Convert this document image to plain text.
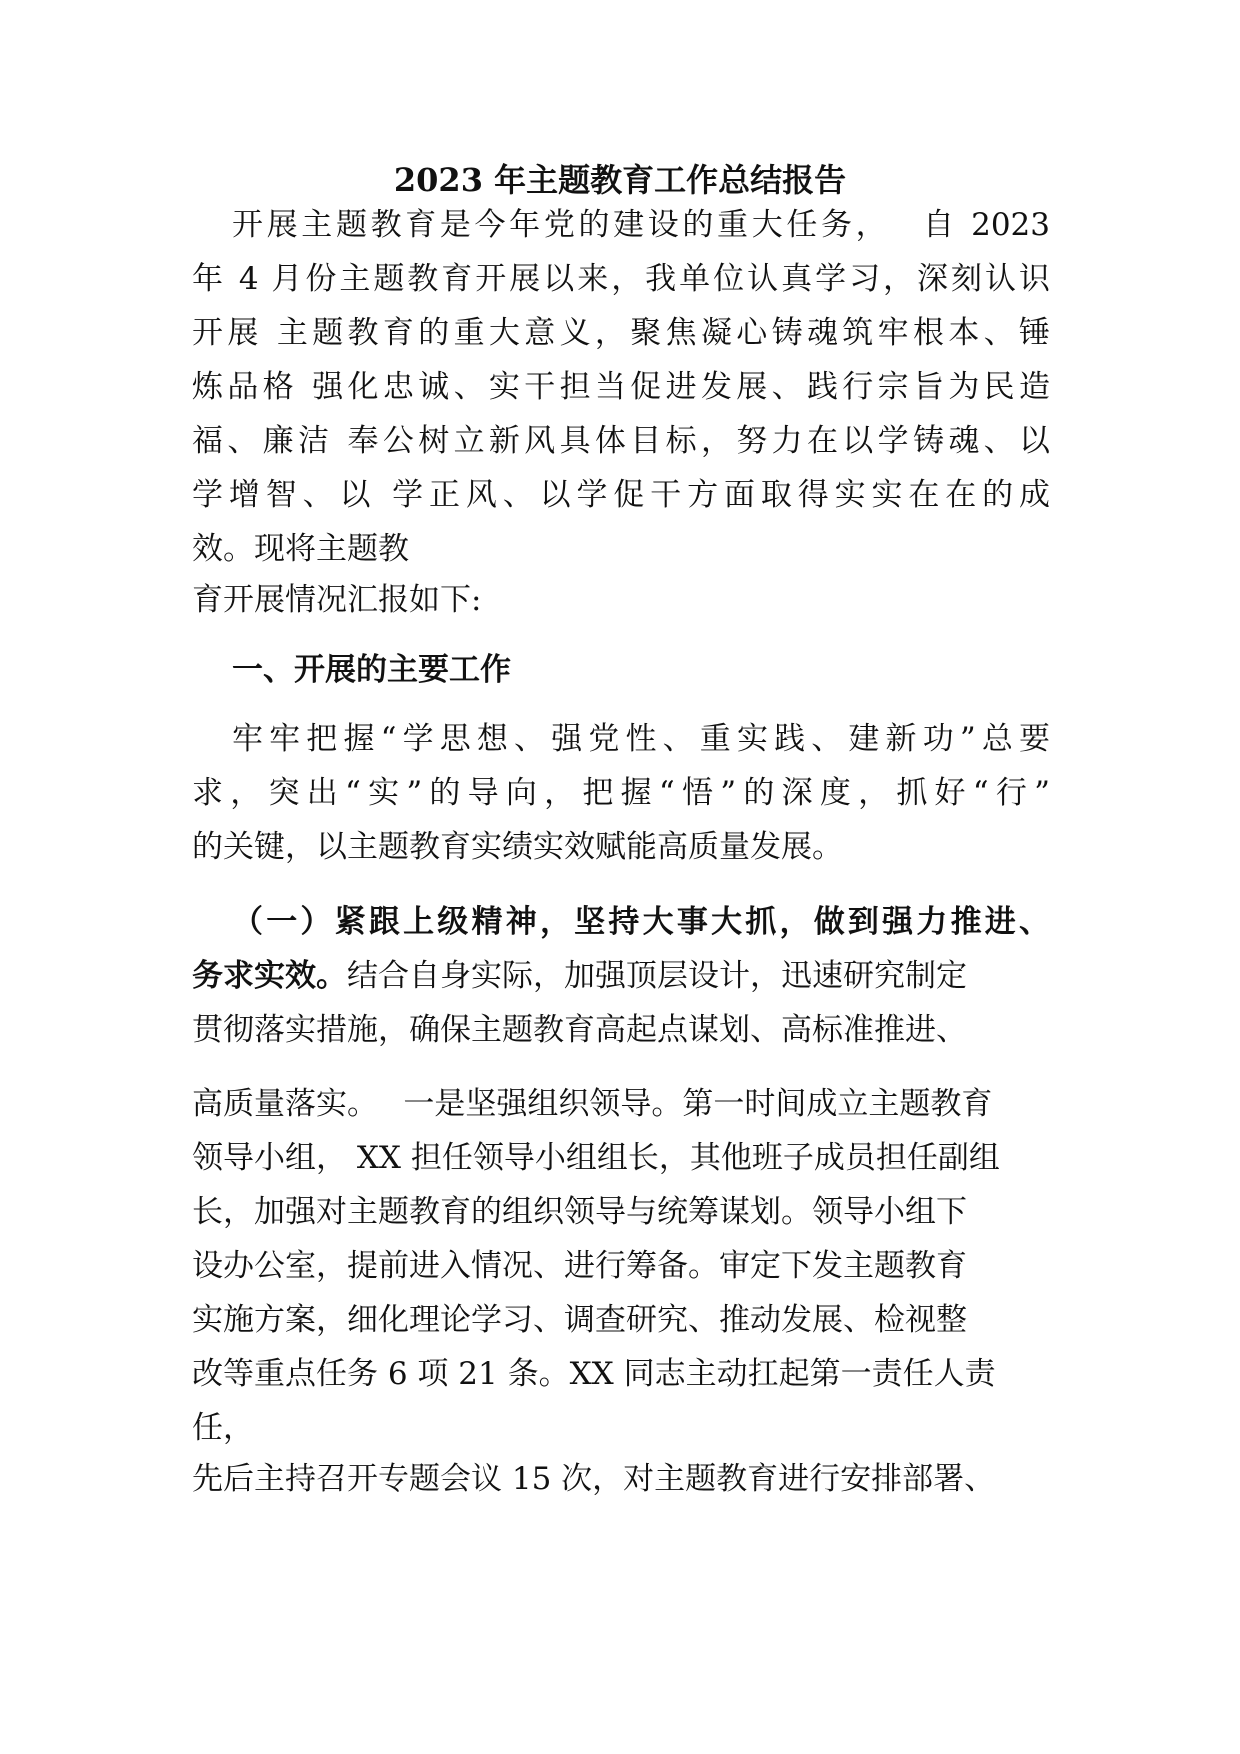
2023 年主题教育工作总结报告
开展主题教育是今年党的建设的重大任务，　 自 2023
年 4 月份主题教育开展以来，我单位认真学习，深刻认识
开展 主题教育的重大意义，聚焦凝心铸魂筑牢根本、锤
炼品格 强化忠诚、实干担当促进发展、践行宗旨为民造
福、廉洁 奉公树立新风具体目标，努力在以学铸魂、以
学增智、以 学正风、以学促干方面取得实实在在的成
效。现将主题教
育开展情况汇报如下:
一、开展的主要工作
牢牢把握“学思想、强党性、重实践、建新功”总要
求，突出“实”的导向，把握“悟”的深度，抓好“行”
的关键，以主题教育实绩实效赋能高质量发展。
（一）紧跟上级精神，坚持大事大抓，做到强力推进、
务求实效。结合自身实际，加强顶层设计，迅速研究制定
贯彻落实措施，确保主题教育高起点谋划、高标准推进、
高质量落实。　 一是坚强组织领导。第一时间成立主题教育
领导小组， XX 担任领导小组组长，其他班子成员担任副组
长，加强对主题教育的组织领导与统筹谋划。领导小组下
设办公室，提前进入情况、进行筹备。审定下发主题教育
实施方案，细化理论学习、调查研究、推动发展、检视整
改等重点任务 6 项 21 条。XX 同志主动扛起第一责任人责
任，
先后主持召开专题会议 15 次，对主题教育进行安排部署、
